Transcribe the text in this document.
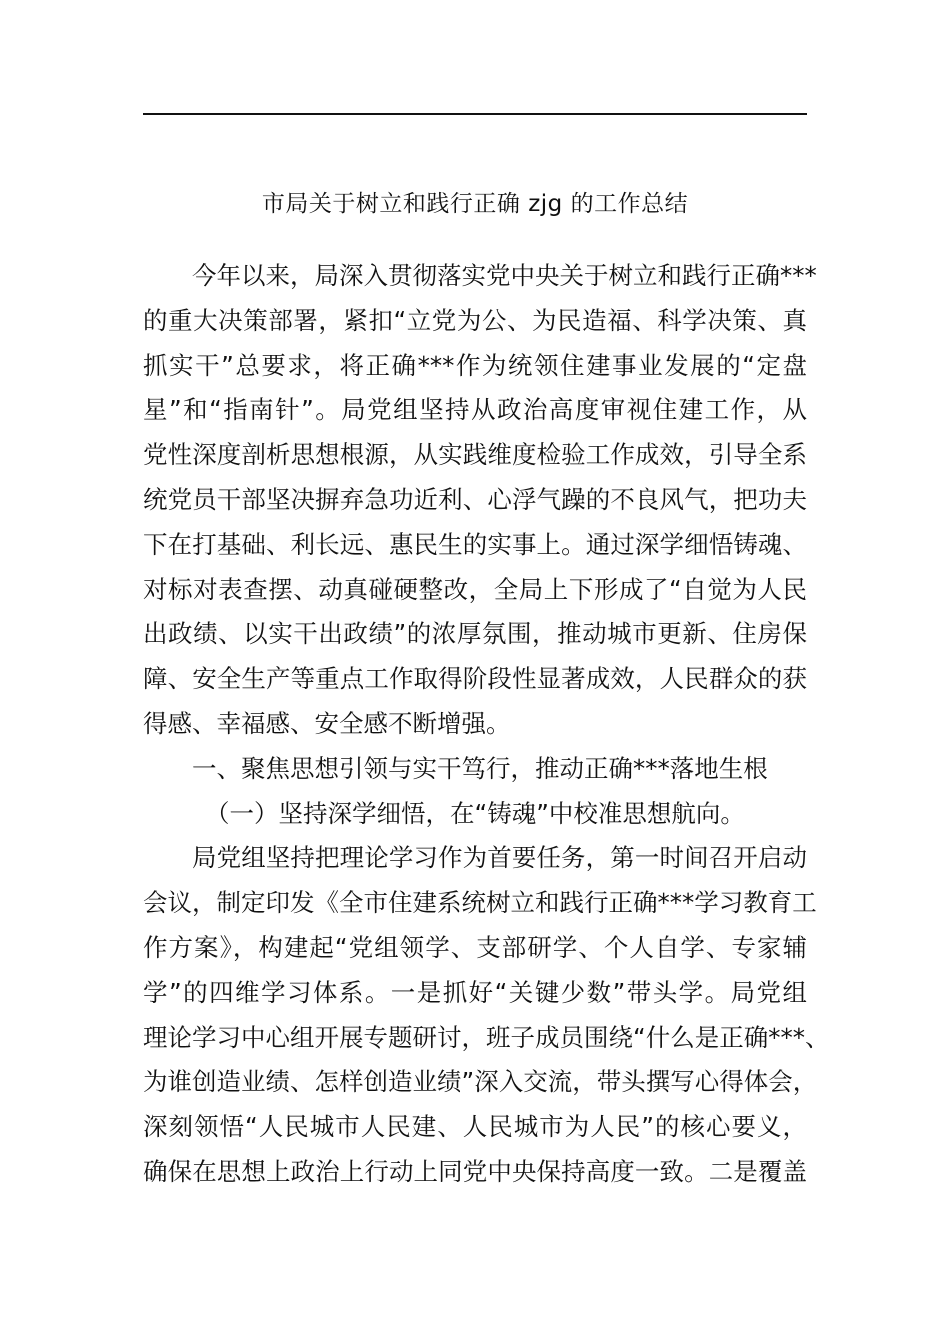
市局关于树立和践行正确 zjg 的工作总结
今年以来，局深入贯彻落实党中央关于树立和践行正确***
的重大决策部署，紧扣“立党为公、为民造福、科学决策、真
抓实干”总要求，将正确***作为统领住建事业发展的“定盘
星”和“指南针”。局党组坚持从政治高度审视住建工作，从
党性深度剖析思想根源，从实践维度检验工作成效，引导全系
统党员干部坚决摒弃急功近利、心浮气躁的不良风气，把功夫
下在打基础、利长远、惠民生的实事上。通过深学细悟铸魂、
对标对表查摆、动真碰硬整改，全局上下形成了“自觉为人民
出政绩、以实干出政绩”的浓厚氛围，推动城市更新、住房保
障、安全生产等重点工作取得阶段性显著成效，人民群众的获
得感、幸福感、安全感不断增强。
一、聚焦思想引领与实干笃行，推动正确***落地生根
（一）坚持深学细悟，在“铸魂”中校准思想航向。
局党组坚持把理论学习作为首要任务，第一时间召开启动
会议，制定印发《全市住建系统树立和践行正确***学习教育工
作方案》，构建起“党组领学、支部研学、个人自学、专家辅
学”的四维学习体系。一是抓好“关键少数”带头学。局党组
理论学习中心组开展专题研讨，班子成员围绕“什么是正确***、
为谁创造业绩、怎样创造业绩”深入交流，带头撰写心得体会，
深刻领悟“人民城市人民建、人民城市为人民”的核心要义，
确保在思想上政治上行动上同党中央保持高度一致。二是覆盖
